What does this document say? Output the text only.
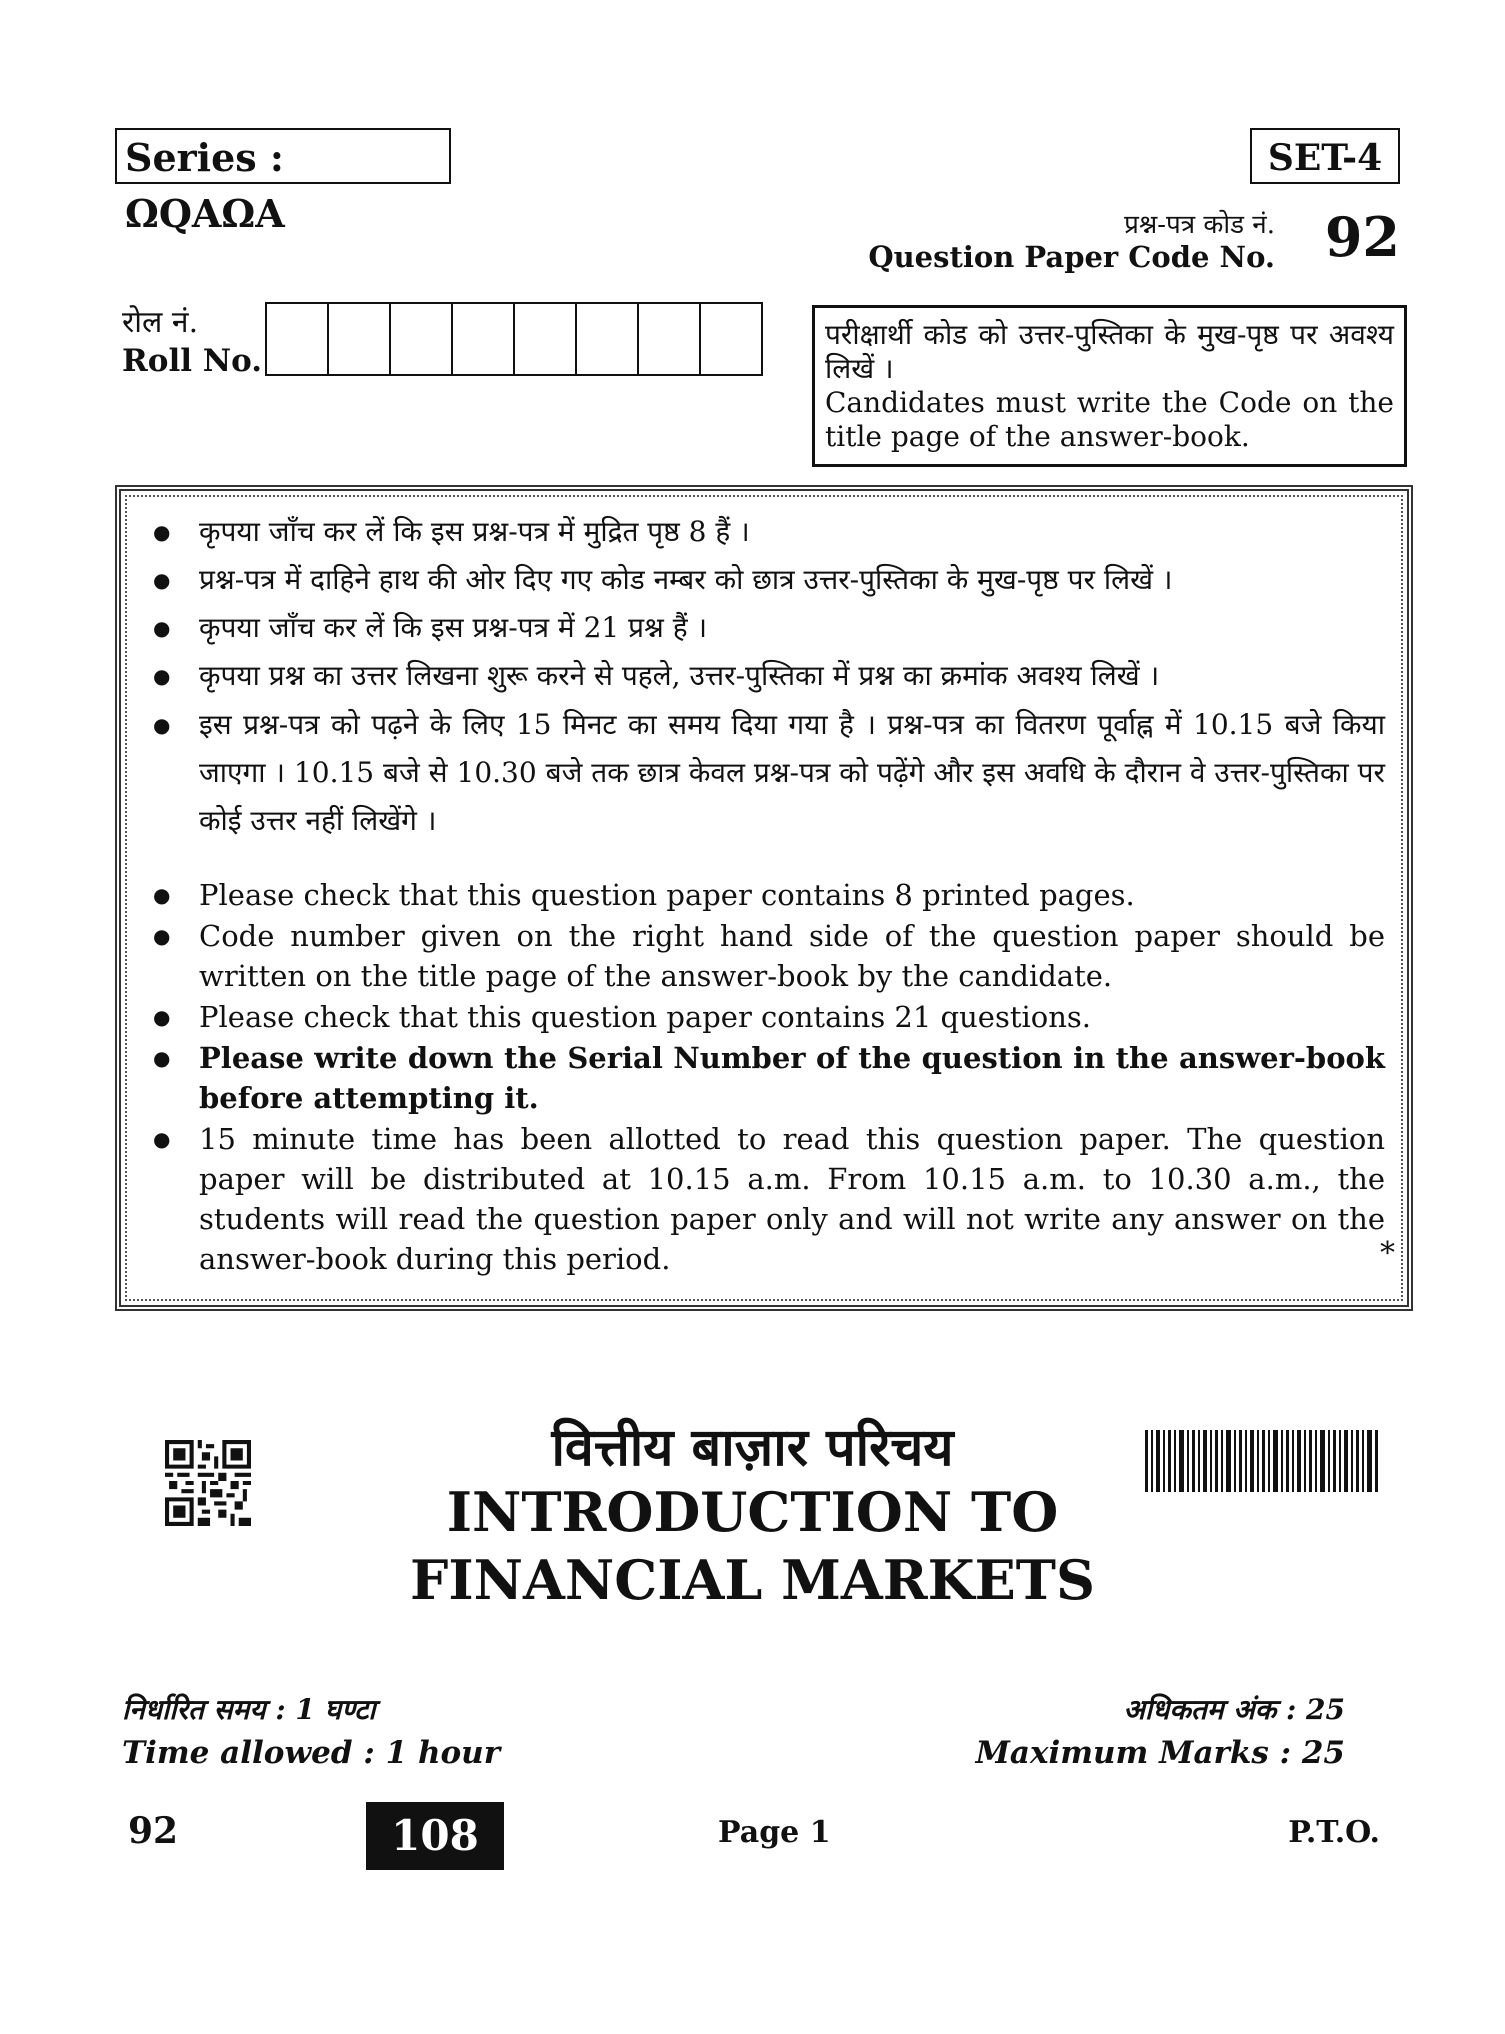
Series : ΩQAΩA
SET-4
प्रश्न-पत्र कोड नं.
Question Paper Code No. 92
रोल नं.
Roll No.
परीक्षार्थी कोड को उत्तर-पुस्तिका के मुख-पृष्ठ पर अवश्य लिखें ।
Candidates must write the Code on the title page of the answer-book.
● कृपया जाँच कर लें कि इस प्रश्न-पत्र में मुद्रित पृष्ठ 8 हैं ।
● प्रश्न-पत्र में दाहिने हाथ की ओर दिए गए कोड नम्बर को छात्र उत्तर-पुस्तिका के मुख-पृष्ठ पर लिखें ।
● कृपया जाँच कर लें कि इस प्रश्न-पत्र में 21 प्रश्न हैं ।
● कृपया प्रश्न का उत्तर लिखना शुरू करने से पहले, उत्तर-पुस्तिका में प्रश्न का क्रमांक अवश्य लिखें ।
● इस प्रश्न-पत्र को पढ़ने के लिए 15 मिनट का समय दिया गया है । प्रश्न-पत्र का वितरण पूर्वाह्न में 10.15 बजे किया जाएगा । 10.15 बजे से 10.30 बजे तक छात्र केवल प्रश्न-पत्र को पढ़ेंगे और इस अवधि के दौरान वे उत्तर-पुस्तिका पर कोई उत्तर नहीं लिखेंगे ।
● Please check that this question paper contains 8 printed pages.
● Code number given on the right hand side of the question paper should be written on the title page of the answer-book by the candidate.
● Please check that this question paper contains 21 questions.
● Please write down the Serial Number of the question in the answer-book before attempting it.
● 15 minute time has been allotted to read this question paper. The question paper will be distributed at 10.15 a.m. From 10.15 a.m. to 10.30 a.m., the students will read the question paper only and will not write any answer on the answer-book during this period.	*
वित्तीय बाज़ार परिचय
INTRODUCTION TO
FINANCIAL MARKETS
निर्धारित समय : 1 घण्टा
Time allowed : 1 hour
अधिकतम अंक : 25
Maximum Marks : 25
92	108	Page 1	P.T.O.
